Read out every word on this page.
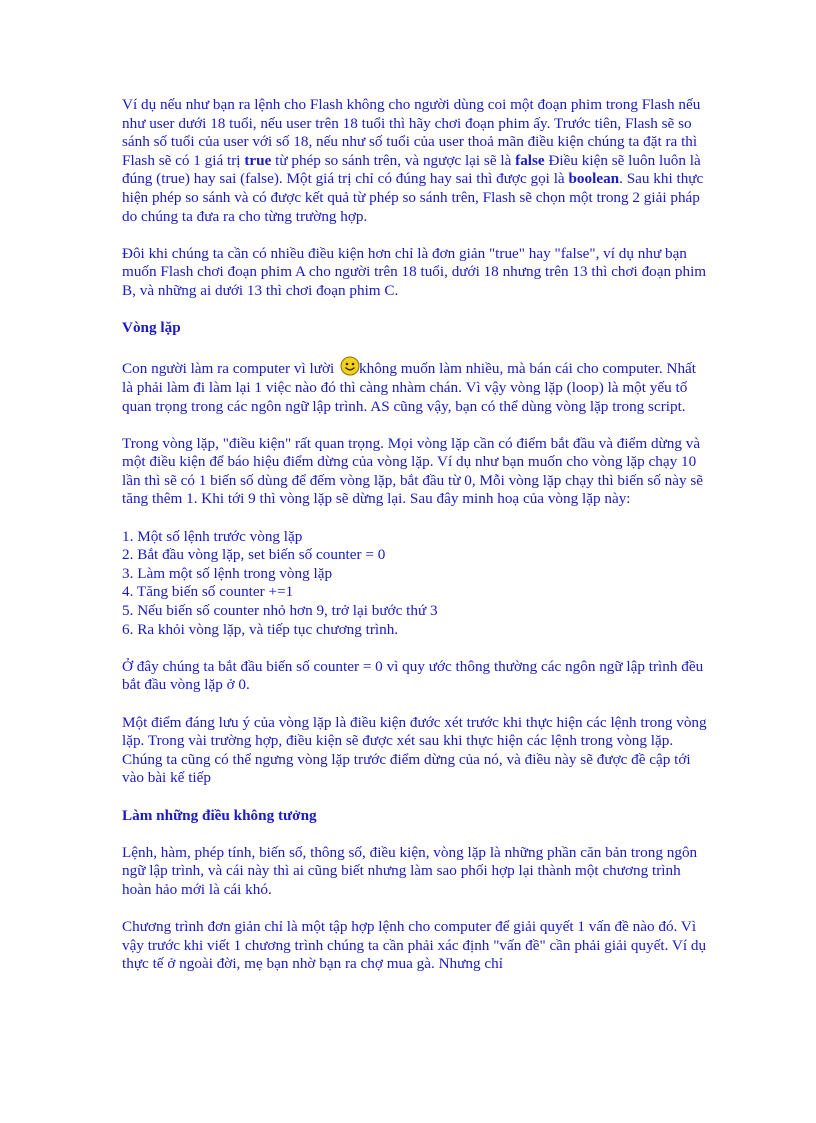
Ví dụ nếu như bạn ra lệnh cho Flash không cho người dùng coi một đoạn phim trong Flash nếu như user dưới 18 tuổi, nếu user trên 18 tuổi thì hãy chơi đoạn phim ấy. Trước tiên, Flash sẽ so sánh số tuổi của user với số 18, nếu như số tuổi của user thoả mãn điều kiện chúng ta đặt ra thì Flash sẽ có 1 giá trị true từ phép so sánh trên, và ngược lại sẽ là false Điều kiện sẽ luôn luôn là đúng (true) hay sai (false). Một giá trị chỉ có đúng hay sai thì được gọi là boolean. Sau khi thực hiện phép so sánh và có được kết quả từ phép so sánh trên, Flash sẽ chọn một trong 2 giải pháp do chúng ta đưa ra cho từng trường hợp.

Đôi khi chúng ta cần có nhiều điều kiện hơn chỉ là đơn giản "true" hay "false", ví dụ như bạn muốn Flash chơi đoạn phim A cho người trên 18 tuổi, dưới 18 nhưng trên 13 thì chơi đoạn phim B, và những ai dưới 13 thì chơi đoạn phim C.

Vòng lặp

Con người làm ra computer vì lười không muốn làm nhiều, mà bán cái cho computer. Nhất là phải làm đi làm lại 1 việc nào đó thì càng nhàm chán. Vì vậy vòng lặp (loop) là một yếu tố quan trọng trong các ngôn ngữ lập trình. AS cũng vậy, bạn có thể dùng vòng lặp trong script.

Trong vòng lặp, "điều kiện" rất quan trọng. Mọi vòng lặp cần có điểm bắt đầu và điểm dừng và một điều kiện để báo hiệu điểm dừng của vòng lặp. Ví dụ như bạn muốn cho vòng lặp chạy 10 lần thì sẽ có 1 biến số dùng để đếm vòng lặp, bắt đầu từ 0, Mỗi vòng lặp chạy thì biến số này sẽ tăng thêm 1. Khi tới 9 thì vòng lặp sẽ dừng lại. Sau đây minh hoạ của vòng lặp này:

1. Một số lệnh trước vòng lặp
2. Bắt đầu vòng lặp, set biến số counter = 0
3. Làm một số lệnh trong vòng lặp
4. Tăng biến số counter +=1
5. Nếu biến số counter nhỏ hơn 9, trở lại bước thứ 3
6. Ra khỏi vòng lặp, và tiếp tục chương trình.

Ở đây chúng ta bắt đầu biến số counter = 0 vì quy ước thông thường các ngôn ngữ lập trình đều bắt đầu vòng lặp ở 0.

Một điểm đáng lưu ý của vòng lặp là điều kiện đước xét trước khi thực hiện các lệnh trong vòng lặp. Trong vài trường hợp, điều kiện sẽ được xét sau khi thực hiện các lệnh trong vòng lặp. Chúng ta cũng có thể ngưng vòng lặp trước điểm dừng của nó, và điều này sẽ được đề cập tới vào bài kế tiếp

Làm những điều không tưởng

Lệnh, hàm, phép tính, biến số, thông số, điều kiện, vòng lặp là những phần căn bản trong ngôn ngữ lập trình, và cái này thì ai cũng biết nhưng làm sao phối hợp lại thành một chương trình hoàn hảo mới là cái khó.

Chương trình đơn giản chỉ là một tập hợp lệnh cho computer để giải quyết 1 vấn đề nào đó. Vì vậy trước khi viết 1 chương trình chúng ta cần phải xác định "vấn đề" cần phải giải quyết. Ví dụ thực tế ở ngoài đời, mẹ bạn nhờ bạn ra chợ mua gà. Nhưng chỉ
